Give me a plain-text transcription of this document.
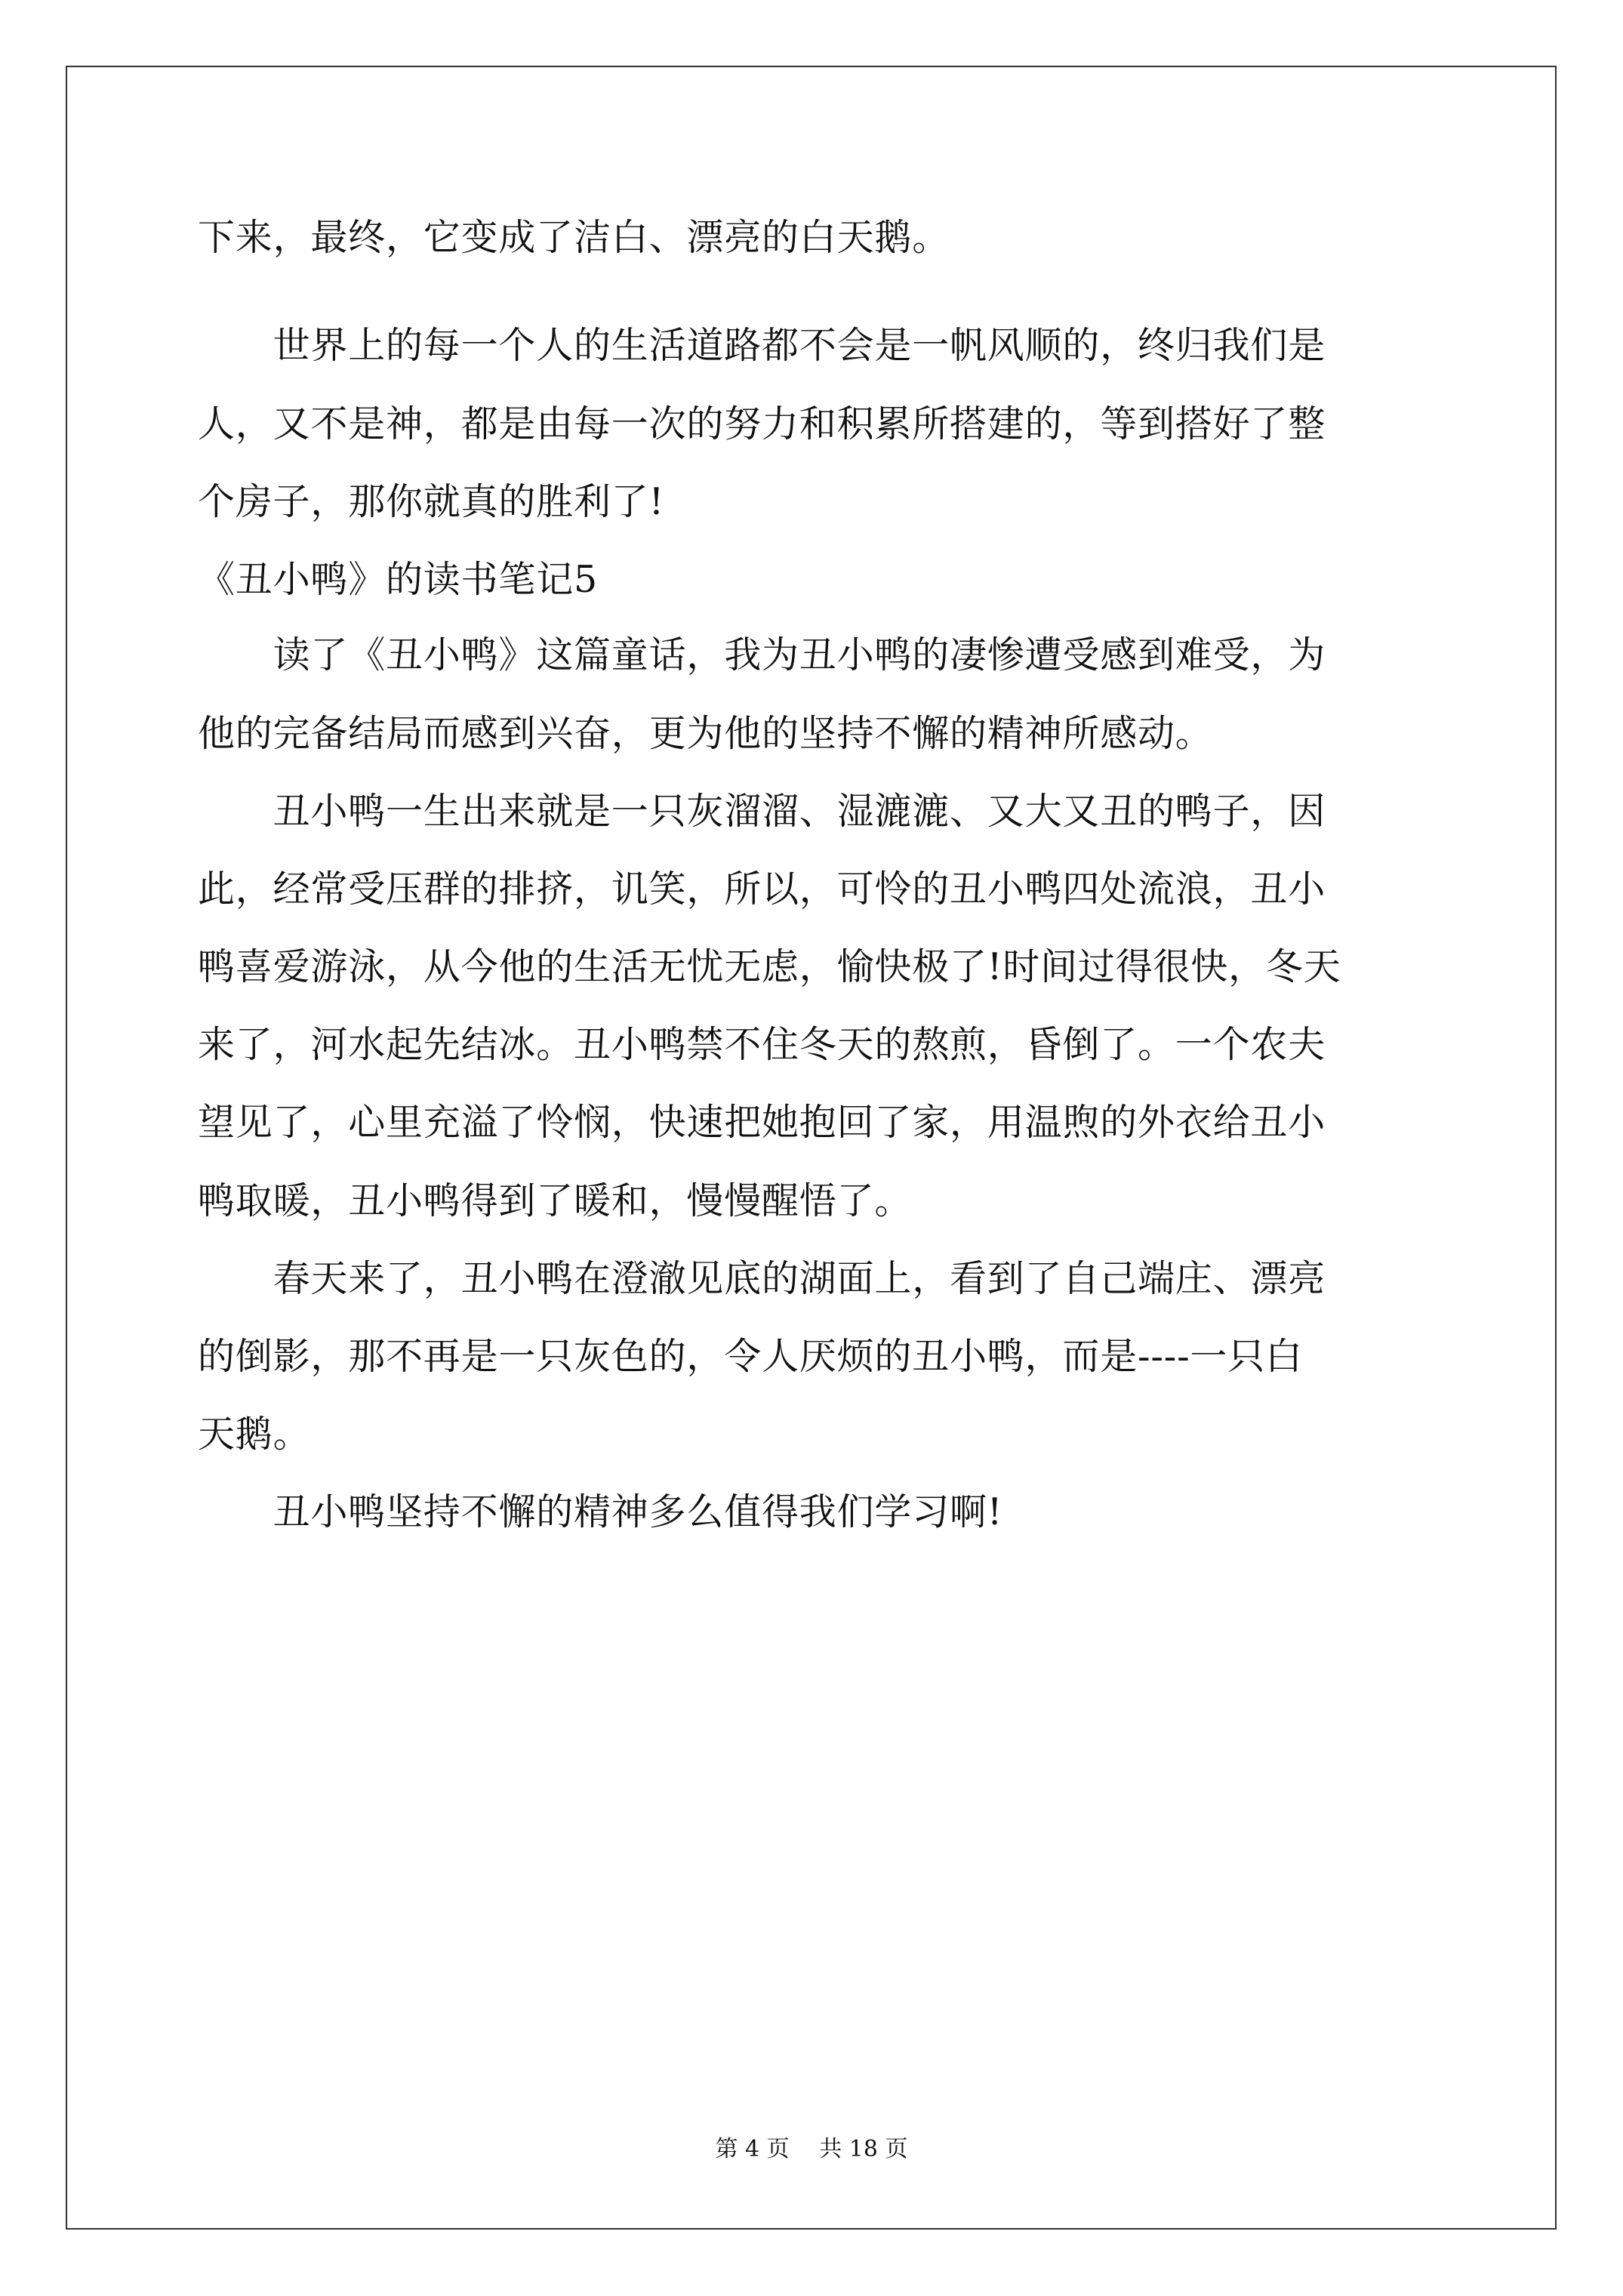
下来，最终，它变成了洁白、漂亮的白天鹅。
　　世界上的每一个人的生活道路都不会是一帆风顺的，终归我们是
人，又不是神，都是由每一次的努力和积累所搭建的，等到搭好了整
个房子，那你就真的胜利了!
《丑小鸭》的读书笔记5
　　读了《丑小鸭》这篇童话，我为丑小鸭的凄惨遭受感到难受，为
他的完备结局而感到兴奋，更为他的坚持不懈的精神所感动。
　　丑小鸭一生出来就是一只灰溜溜、湿漉漉、又大又丑的鸭子，因
此，经常受压群的排挤，讥笑，所以，可怜的丑小鸭四处流浪，丑小
鸭喜爱游泳，从今他的生活无忧无虑，愉快极了!时间过得很快，冬天
来了，河水起先结冰。丑小鸭禁不住冬天的熬煎，昏倒了。一个农夫
望见了，心里充溢了怜悯，快速把她抱回了家，用温煦的外衣给丑小
鸭取暖，丑小鸭得到了暖和，慢慢醒悟了。
　　春天来了，丑小鸭在澄澈见底的湖面上，看到了自己端庄、漂亮
的倒影，那不再是一只灰色的，令人厌烦的丑小鸭，而是----一只白
天鹅。
　　丑小鸭坚持不懈的精神多么值得我们学习啊!
第 4 页　 共 18 页
